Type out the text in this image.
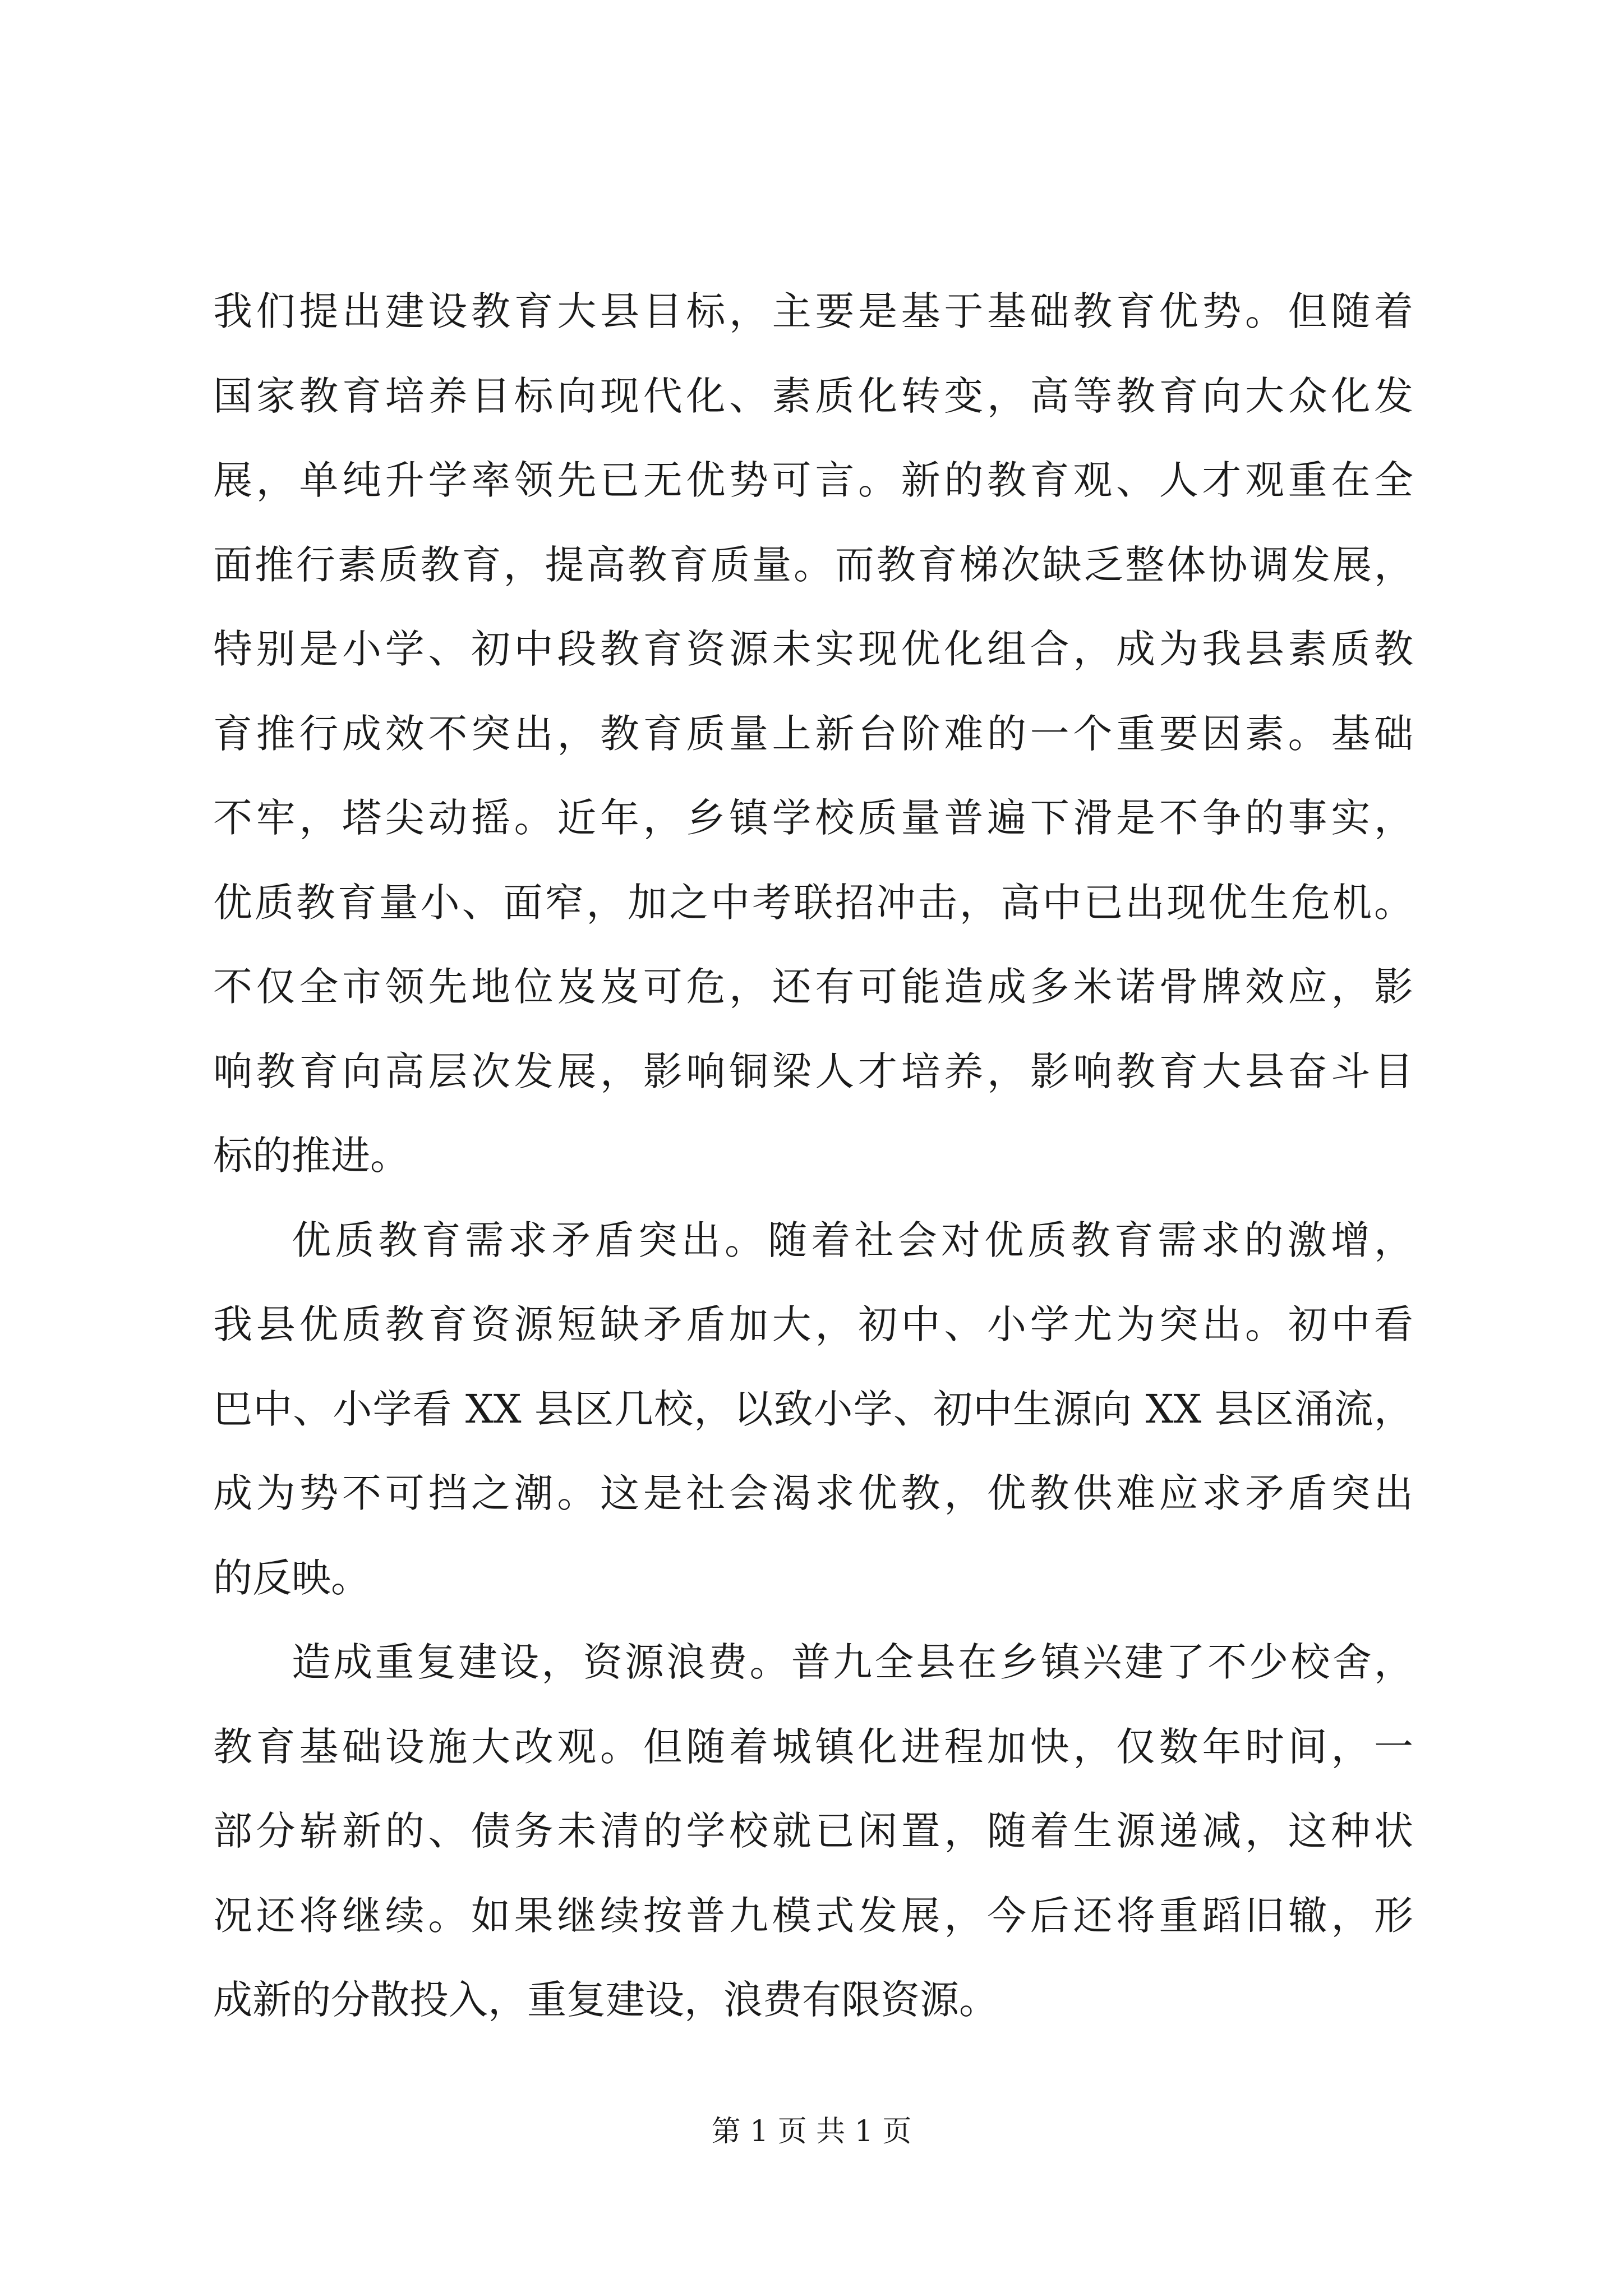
我们提出建设教育大县目标，主要是基于基础教育优势。但随着
国家教育培养目标向现代化、素质化转变，高等教育向大众化发
展，单纯升学率领先已无优势可言。新的教育观、人才观重在全
面推行素质教育，提高教育质量。而教育梯次缺乏整体协调发展，
特别是小学、初中段教育资源未实现优化组合，成为我县素质教
育推行成效不突出，教育质量上新台阶难的一个重要因素。基础
不牢，塔尖动摇。近年，乡镇学校质量普遍下滑是不争的事实，
优质教育量小、面窄，加之中考联招冲击，高中已出现优生危机。
不仅全市领先地位岌岌可危，还有可能造成多米诺骨牌效应，影
响教育向高层次发展，影响铜梁人才培养，影响教育大县奋斗目
标的推进。
优质教育需求矛盾突出。随着社会对优质教育需求的激增，
我县优质教育资源短缺矛盾加大，初中、小学尤为突出。初中看
巴中、小学看 XX 县区几校，以致小学、初中生源向 XX 县区涌流，
成为势不可挡之潮。这是社会渴求优教，优教供难应求矛盾突出
的反映。
造成重复建设，资源浪费。普九全县在乡镇兴建了不少校舍，
教育基础设施大改观。但随着城镇化进程加快，仅数年时间，一
部分崭新的、债务未清的学校就已闲置，随着生源递减，这种状
况还将继续。如果继续按普九模式发展，今后还将重蹈旧辙，形
成新的分散投入，重复建设，浪费有限资源。
第 1 页 共 1 页
